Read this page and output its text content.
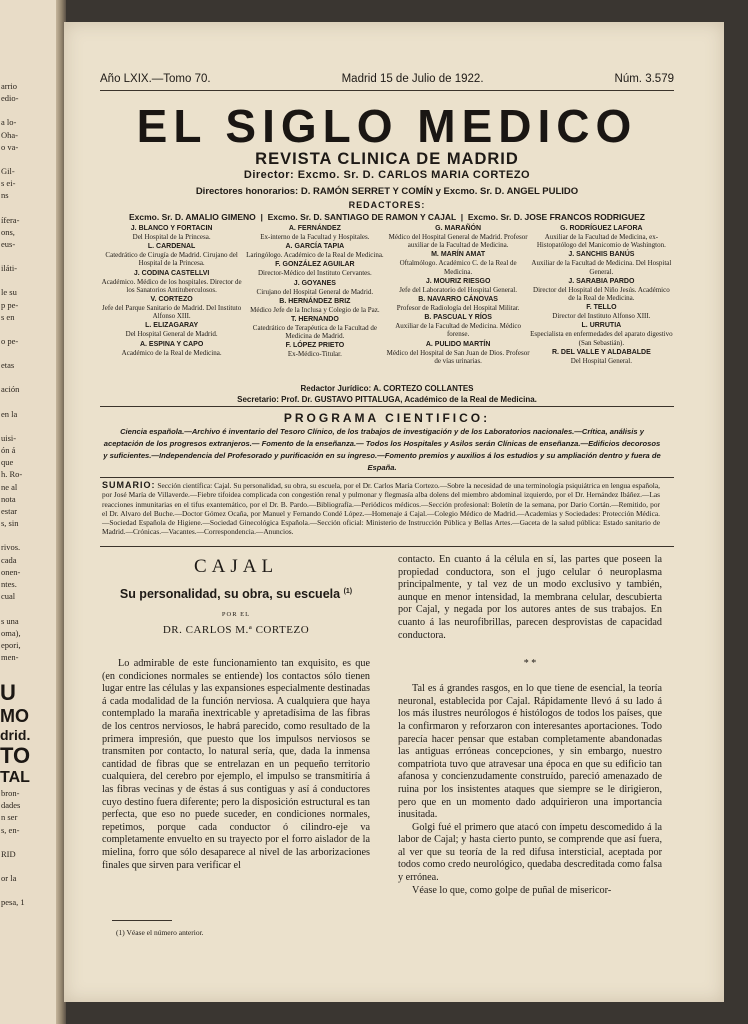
arrio
edio-
a lo-
Oha-
o va-
Gil-
s ei-
ns
ífera-
ons,
eus-
iláti-
le su
p pe-
s en
o pe-
etas
ación
en la
uisi-
ón á
que
h. Ro-
ne al
nota
estar
s, sin
rivos.
cada
onen-
ntes.
cual
s una
oma),
epori,
men-
U
MO
drid.
TO
TAL
bron-
dades
n ser
s, en-
RID
or la
pesa, 1
Año LXIX.—Tomo 70.	Madrid 15 de Julio de 1922.	Núm. 3.579
EL SIGLO MEDICO
REVISTA CLINICA DE MADRID
Director: Excmo. Sr. D. CARLOS MARIA CORTEZO
Directores honorarios: D. RAMÓN SERRET Y COMÍN y Excmo. Sr. D. ANGEL PULIDO
REDACTORES:
Excmo. Sr. D. AMALIO GIMENO  |  Excmo. Sr. D. SANTIAGO DE RAMON Y CAJAL  |  Excmo. Sr. D. JOSE FRANCOS RODRIGUEZ
J. BLANCO Y FORTACIN
Del Hospital de la Princesa.
L. CARDENAL
Catedrático de Cirugía de Madrid. Cirujano del Hospital de la Princesa.
J. CODINA CASTELLVI
Académico. Médico de los hospitales. Director de los Sanatorios Antituberculosos.
V. CORTEZO
Jefe del Parque Sanitario de Madrid. Del Instituto Alfonso XIII.
L. ELIZAGARAY
Del Hospital General de Madrid.
A. ESPINA Y CAPO
Académico de la Real de Medicina.
A. FERNÁNDEZ
Ex-interno de la Facultad y Hospitales.
A. GARCÍA TAPIA
Laringólogo. Académico de la Real de Medicina.
F. GONZÁLEZ AGUILAR
Director-Médico del Instituto Cervantes.
J. GOYANES
Cirujano del Hospital General de Madrid.
B. HERNÁNDEZ BRIZ
Médico Jefe de la Inclusa y Colegio de la Paz.
T. HERNANDO
Catedrático de Terapéutica de la Facultad de Medicina de Madrid.
F. LÓPEZ PRIETO
Ex-Médico-Titular.
G. MARAÑÓN
Médico del Hospital General de Madrid. Profesor auxiliar de la Facultad de Medicina.
M. MARÍN AMAT
Oftalmólogo. Académico C. de la Real de Medicina.
J. MOURIZ RIESGO
Jefe del Laboratorio del Hospital General.
B. NAVARRO CÁNOVAS
Profesor de Radiología del Hospital Militar.
B. PASCUAL Y RÍOS
Auxiliar de la Facultad de Medicina. Médico forense.
A. PULIDO MARTÍN
Médico del Hospital de San Juan de Dios. Profesor de vías urinarias.
G. RODRÍGUEZ LAFORA
Auxiliar de la Facultad de Medicina, ex-Histopatólogo del Manicomio de Washington.
J. SANCHIS BANÚS
Auxiliar de la Facultad de Medicina. Del Hospital General.
J. SARABIA PARDO
Director del Hospital del Niño Jesús. Académico de la Real de Medicina.
F. TELLO
Director del Instituto Alfonso XIII.
L. URRUTIA
Especialista en enfermedades del aparato digestivo (San Sebastián).
R. DEL VALLE Y ALDABALDE
Del Hospital General.
Redactor Jurídico: A. CORTEZO COLLANTES
Secretario: Prof. Dr. GUSTAVO PITTALUGA, Académico de la Real de Medicina.
PROGRAMA CIENTIFICO:
Ciencia española.—Archivo é inventario del Tesoro Clínico, de los trabajos de investigación y de los Laboratorios nacionales.—Crítica, análisis y aceptación de los progresos extranjeros.— Fomento de la enseñanza.— Todos los Hospitales y Asilos serán Clínicas de enseñanza.—Edificios decorosos y suficientes.—Independencia del Profesorado y purificación en su ingreso.—Fomento premios y auxilios á los estudios y su ampliación dentro y fuera de España.
SUMARIO: Sección científica: Cajal. Su personalidad, su obra, su escuela, por el Dr. Carlos María Cortezo.—Sobre la necesidad de una terminología psiquiátrica en lengua española, por José María de Villaverde.—Fiebre tifoidea complicada con congestión renal y pulmonar y flegmasía alba dolens del miembro abdominal izquierdo, por el Dr. Hernández Ibáñez.—Las reacciones inmunitarias en el tifus exantemático, por el Dr. B. Pardo.—Bibliografía.—Periódicos médicos.—Sección profesional: Boletín de la semana, por Dario Cortán.—Remitido, por el Dr. Alvaro del Buche.—Doctor Gómez Ocaña, por Manuel y Fernando Condé López.—Homenaje á Cajal.—Colegio Médico de Madrid.—Academias y Sociedades: Protección Médica.—Sociedad Española de Higiene.—Sociedad Ginecológica Española.—Sección oficial: Ministerio de Instrucción Pública y Bellas Artes.—Gaceta de la salud pública: Estado sanitario de Madrid.—Crónicas.—Vacantes.—Correspondencia.—Anuncios.
CAJAL
Su personalidad, su obra, su escuela $^{(1)}$
POR EL
DR. CARLOS M.ª CORTEZO
Lo admirable de este funcionamiento tan exquisito, es que (en condiciones normales se entiende) los contactos sólo tienen lugar entre las células y las expansiones especialmente destinadas á cada modalidad de la función nerviosa. A cualquiera que haya contemplado la maraña inextricable y apretadísima de las fibras de los centros nerviosos, le habrá parecido, como resultado de la primera impresión, que puesto que los impulsos nerviosos se transmiten por contacto, lo natural sería, que, dada la inmensa cantidad de fibras que se entrelazan en un pequeño territorio cualquiera, del cerebro por ejemplo, el impulso se transmitiría á las fibras vecinas y de éstas á sus contiguas y así á conductores cuyo destino fuera diferente; pero la disposición estructural es tan perfecta, que eso no puede suceder, en condiciones normales, repetimos, porque cada conductor ó cilindro-eje va completamente envuelto en su trayecto por el forro aislador de la mielina, forro que sólo desaparece al nivel de las arborizaciones finales que sirven para verificar el
(1) Véase el número anterior.
contacto. En cuanto á la célula en sí, las partes que poseen la propiedad conductora, son el jugo celular ó neuroplasma principalmente, y tal vez de un modo exclusivo y también, aunque en menor intensidad, la membrana celular, descubierta por Cajal, y negada por los autores antes de sus trabajos. En cuanto á las neurofibrillas, parecen desprovistas de capacidad conductora.
* *
Tal es á grandes rasgos, en lo que tiene de esencial, la teoría neuronal, establecida por Cajal. Rápidamente llevó á su lado á los más ilustres neurólogos é histólogos de todos los países, que la confirmaron y reforzaron con interesantes aportaciones. Todo parecía hacer pensar que estaban completamente abandonadas las antiguas erróneas concepciones, y sin embargo, nuestro compatriota tuvo que atravesar una época en que su edificio tan afanosa y concienzudamente construído, pareció amenazado de ruina por los insistentes ataques que siempre se le dirigieron, pero que en un momento dado adquirieron una importancia inusitada.
Golgi fué el primero que atacó con ímpetu descomedido á la labor de Cajal; y hasta cierto punto, se comprende que así fuera, al ver que su teoría de la red difusa intersticial, aceptada por todos como credo neurológico, quedaba descreditada como falsa y errónea.
Véase lo que, como golpe de puñal de misericor-
